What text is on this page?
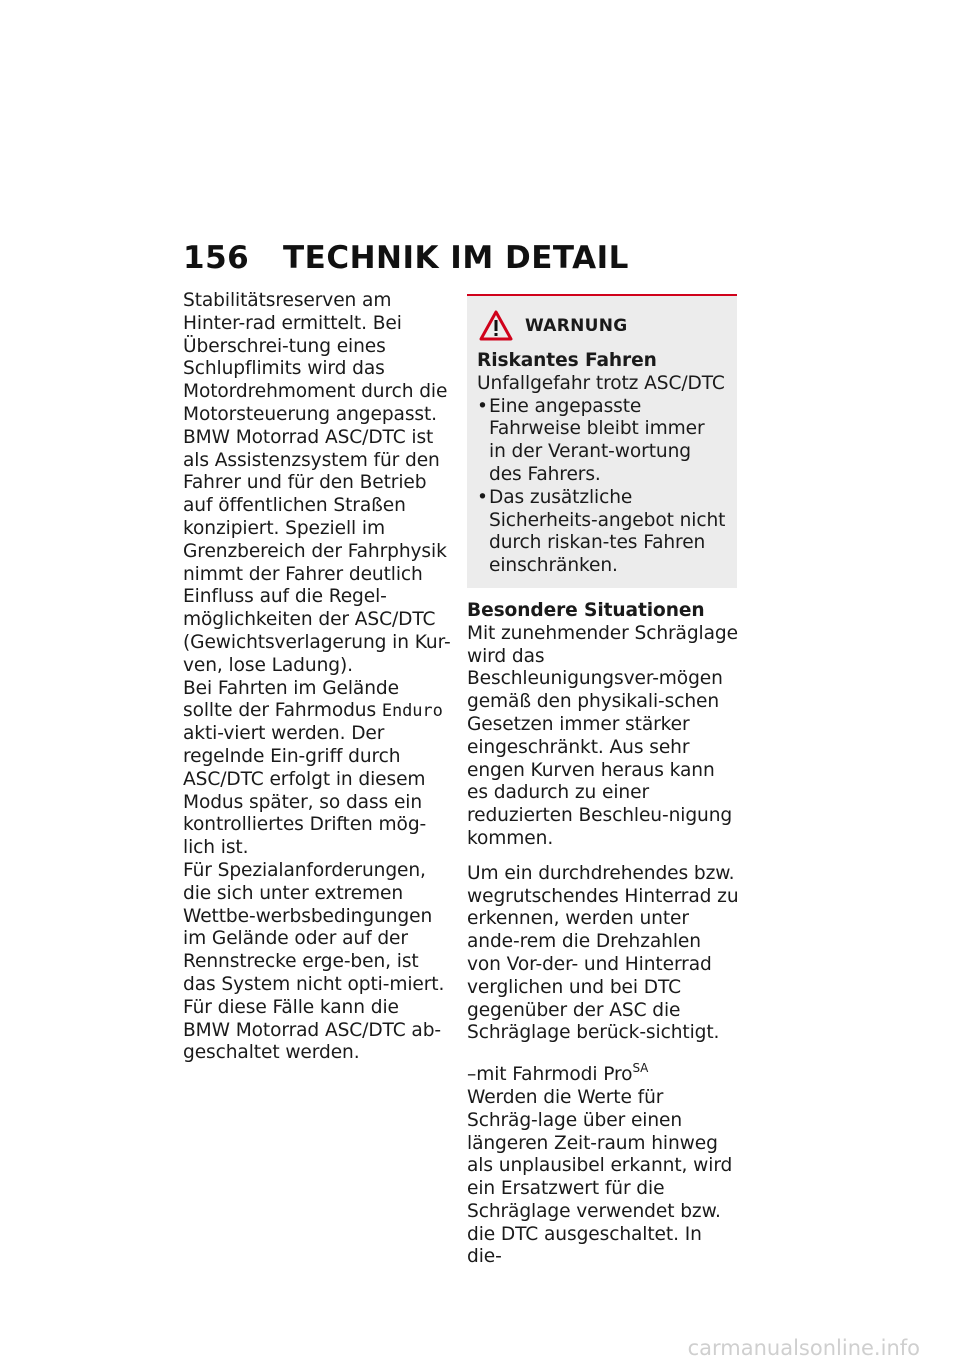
156	TECHNIK IM DETAIL

Stabilitätsreserven am Hinter-rad ermittelt. Bei Überschrei-tung eines Schlupflimits wird das Motordrehmoment durch die Motorsteuerung angepasst.

BMW Motorrad ASC/DTC ist als Assistenzsystem für den Fahrer und für den Betrieb auf öffentlichen Straßen konzipiert. Speziell im Grenzbereich der Fahrphysik nimmt der Fahrer deutlich Einfluss auf die Regel-möglichkeiten der ASC/DTC (Gewichtsverlagerung in Kur-ven, lose Ladung).

Bei Fahrten im Gelände sollte der Fahrmodus Enduro akti-viert werden. Der regelnde Ein-griff durch ASC/DTC erfolgt in diesem Modus später, so dass ein kontrolliertes Driften mög-lich ist.

Für Spezialanforderungen, die sich unter extremen Wettbe-werbsbedingungen im Gelände oder auf der Rennstrecke erge-ben, ist das System nicht opti-miert. Für diese Fälle kann die BMW Motorrad ASC/DTC ab-geschaltet werden.

WARNUNG
Riskantes Fahren
Unfallgefahr trotz ASC/DTC
• Eine angepasste Fahrweise bleibt immer in der Verant-wortung des Fahrers.
• Das zusätzliche Sicherheits-angebot nicht durch riskan-tes Fahren einschränken.
Besondere Situationen

Mit zunehmender Schräglage wird das Beschleunigungsver-mögen gemäß den physikali-schen Gesetzen immer stärker eingeschränkt. Aus sehr engen Kurven heraus kann es dadurch zu einer reduzierten Beschleu-nigung kommen.

Um ein durchdrehendes bzw. wegrutschendes Hinterrad zu erkennen, werden unter ande-rem die Drehzahlen von Vor-der- und Hinterrad verglichen und bei DTC gegenüber der ASC die Schräglage berück-sichtigt.

–mit Fahrmodi Pro$^{SA}$

Werden die Werte für Schräg-lage über einen längeren Zeit-raum hinweg als unplausibel erkannt, wird ein Ersatzwert für die Schräglage verwendet bzw. die DTC ausgeschaltet. In die-

carmanualsonline.info
